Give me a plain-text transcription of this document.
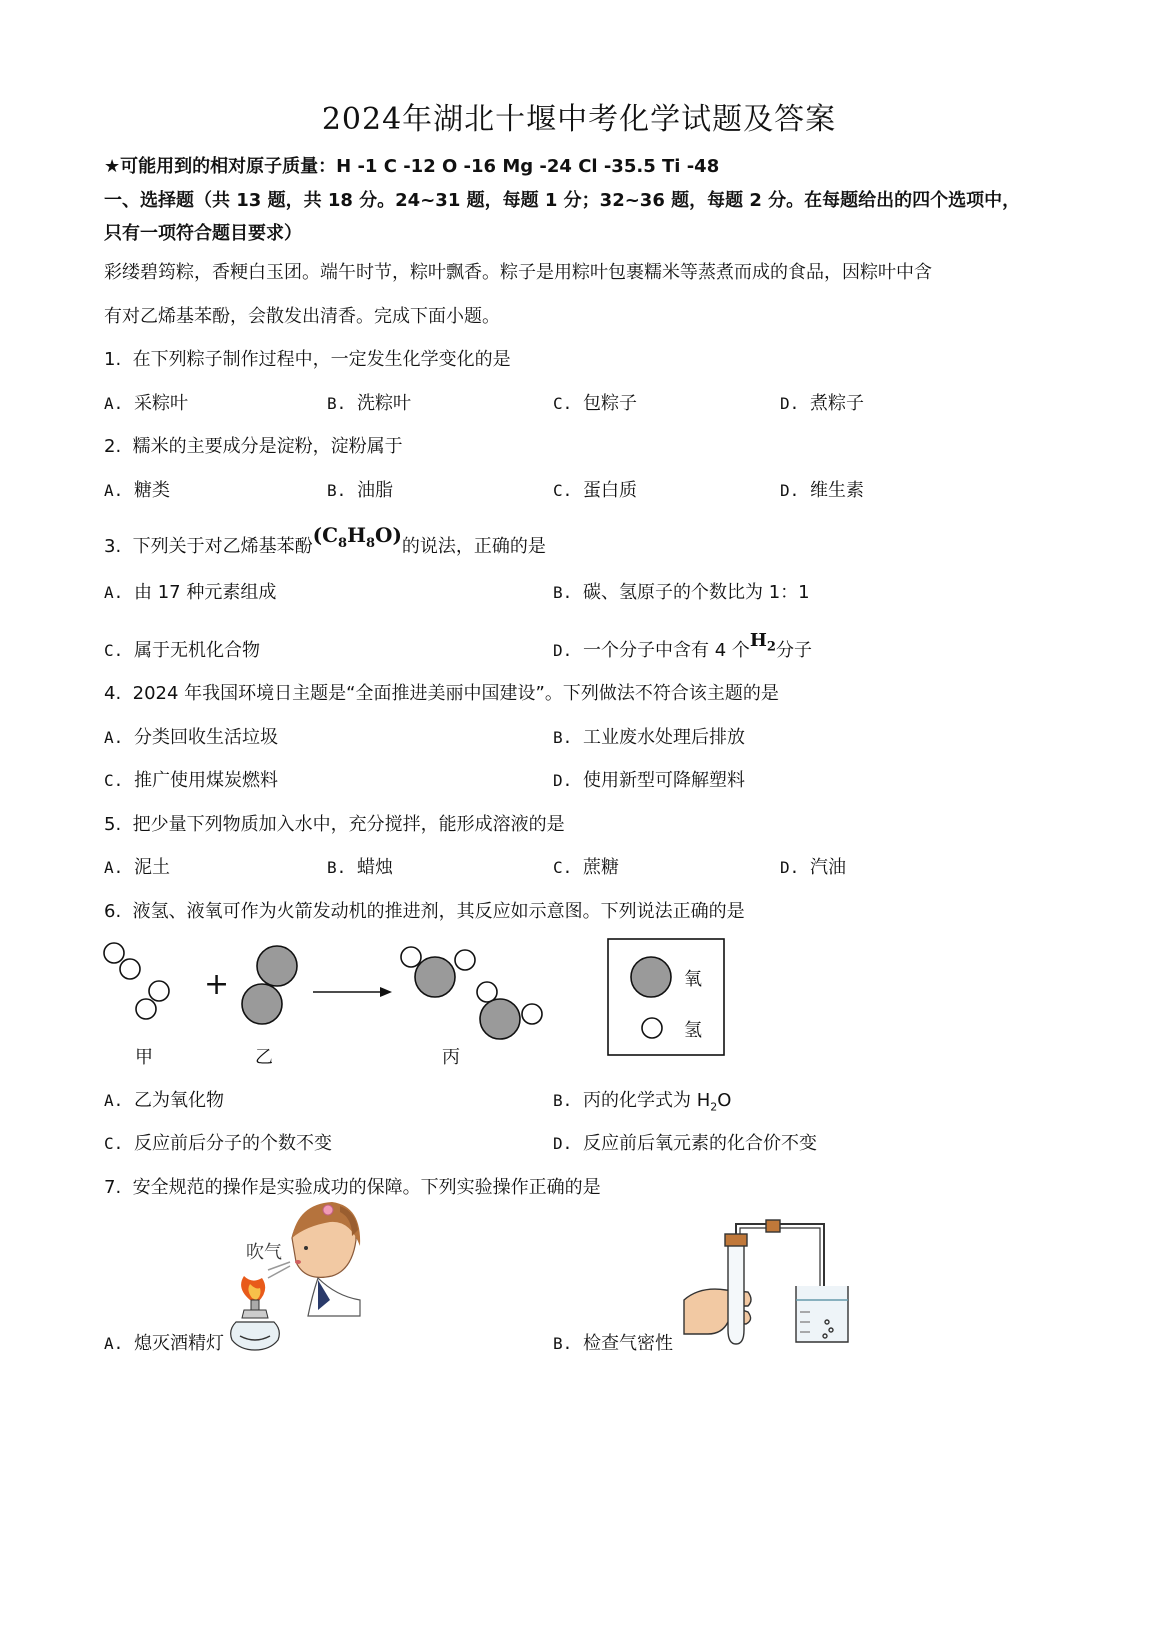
2024年湖北十堰中考化学试题及答案
★可能用到的相对原子质量：H -1 C -12 O -16 Mg -24 Cl -35.5 Ti -48
一、选择题（共 13 题，共 18 分。24~31 题，每题 1 分；32~36 题，每题 2 分。在每题给出的四个选项中，
只有一项符合题目要求）
彩缕碧筠粽，香粳白玉团。端午时节，粽叶飘香。粽子是用粽叶包裹糯米等蒸煮而成的食品，因粽叶中含
有对乙烯基苯酚，会散发出清香。完成下面小题。
1. 在下列粽子制作过程中，一定发生化学变化的是
A. 采粽叶	B. 洗粽叶	C. 包粽子	D. 煮粽子
2. 糯米的主要成分是淀粉，淀粉属于
A. 糖类	B. 油脂	C. 蛋白质	D. 维生素
3. 下列关于对乙烯基苯酚$(C_8H_8O)$的说法，正确的是
A. 由 17 种元素组成	B. 碳、氢原子的个数比为 1：1
C. 属于无机化合物	D. 一个分子中含有 4 个$H_2$分子
4. 2024 年我国环境日主题是“全面推进美丽中国建设”。下列做法不符合该主题的是
A. 分类回收生活垃圾	B. 工业废水处理后排放
C. 推广使用煤炭燃料	D. 使用新型可降解塑料
5. 把少量下列物质加入水中，充分搅拌，能形成溶液的是
A. 泥土	B. 蜡烛	C. 蔗糖	D. 汽油
6. 液氢、液氧可作为火箭发动机的推进剂，其反应如示意图。下列说法正确的是
+
甲	乙	丙
氧
氢
吹气
A. 乙为氧化物	B. 丙的化学式为 $H_2O$
C. 反应前后分子的个数不变	D. 反应前后氧元素的化合价不变
7. 安全规范的操作是实验成功的保障。下列实验操作正确的是
A. 熄灭酒精灯	B. 检查气密性
